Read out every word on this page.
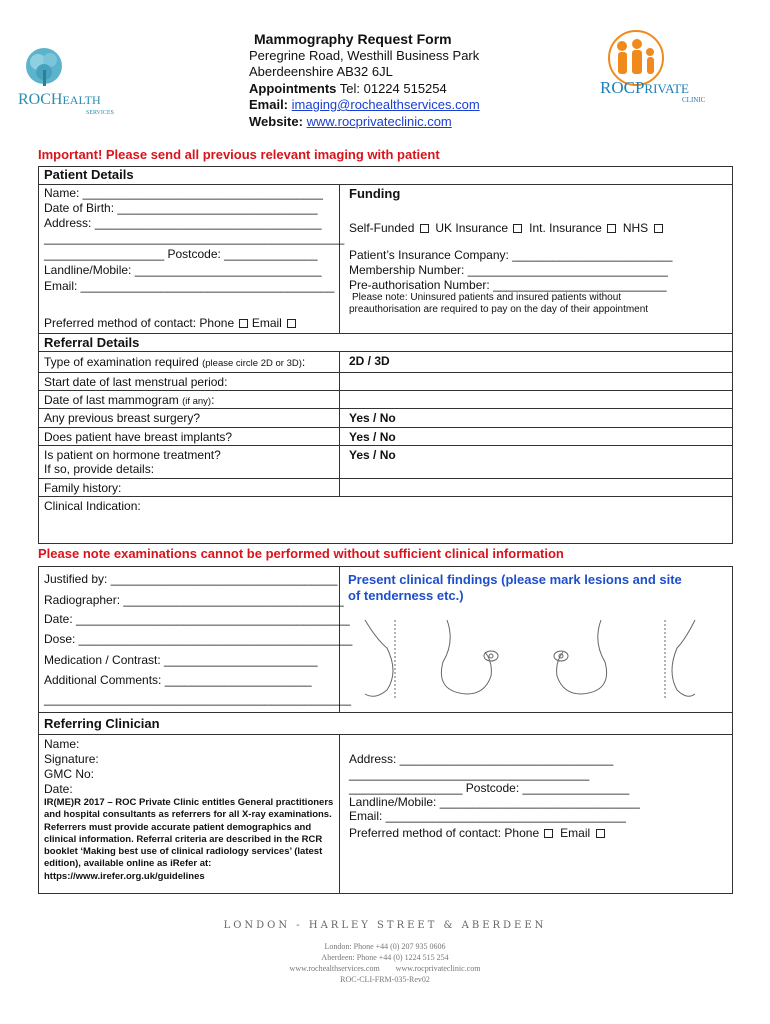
ROCHEALTH
SERVICES
ROCPRIVATE
CLINIC
Mammography Request Form
Peregrine Road, Westhill Business Park
Aberdeenshire AB32 6JL
Appointments Tel: 01224 515254
Email: imaging@rochealthservices.com
Website: www.rocprivateclinic.com
Important! Please send all previous relevant imaging with patient
Patient Details
Name: ____________________________________
Date of Birth: ______________________________
Address: __________________________________
_____________________________________________
__________________ Postcode: ______________
Landline/Mobile: ____________________________
Email: ______________________________________
Preferred method of contact: Phone Email
Funding
Self-Funded UK Insurance Int. Insurance NHS
Patient’s Insurance Company: ________________________
Membership Number: ______________________________
Pre-authorisation Number: __________________________
Please note: Uninsured patients and insured patients without
preauthorisation are required to pay on the day of their appointment
Referral Details
Type of examination required (please circle 2D or 3D):	2D / 3D
Start date of last menstrual period:
Date of last mammogram (if any):
Any previous breast surgery?	Yes / No
Does patient have breast implants?	Yes / No
Is patient on hormone treatment?
If so, provide details:
Yes / No
Family history:
Clinical Indication:
Please note examinations cannot be performed without sufficient clinical information
Justified by: __________________________________
Radiographer: _________________________________
Date: _________________________________________
Dose: _________________________________________
Medication / Contrast: _______________________
Additional Comments: ______________________
______________________________________________
Present clinical findings (please mark lesions and site
of tenderness etc.)
Referring Clinician
Name:
Signature:
GMC No:
Date:
IR(ME)R 2017 – ROC Private Clinic entitles General practitioners and hospital consultants as referrers for all X-ray examinations. Referrers must provide accurate patient demographics and clinical information. Referral criteria are described in the RCR booklet ‘Making best use of clinical radiology services’ (latest edition), available online as iRefer at: https://www.irefer.org.uk/guidelines
Address: ________________________________
____________________________________
_________________ Postcode: ________________
Landline/Mobile: ______________________________
Email: ____________________________________
Preferred method of contact: Phone Email
LONDON - HARLEY STREET & ABERDEEN
London: Phone +44 (0) 207 935 0606
Aberdeen: Phone +44 (0) 1224 515 254
www.rochealthservices.com        www.rocprivateclinic.com
ROC-CLI-FRM-035-Rev02
